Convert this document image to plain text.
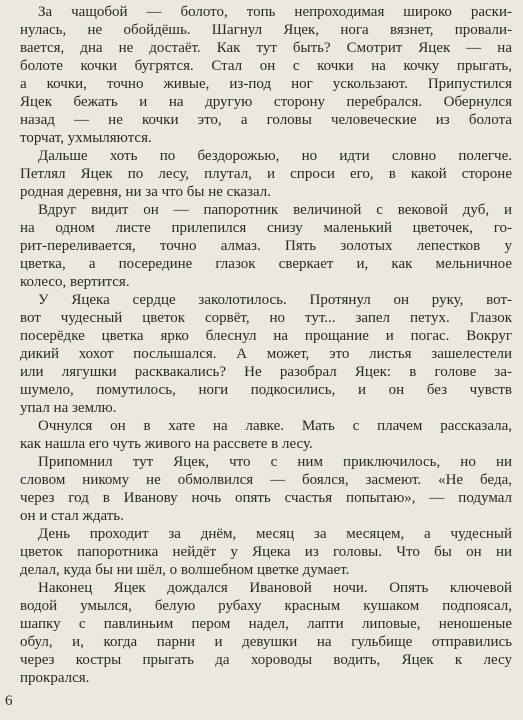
За чащобой — болото, топь непроходимая широко раски-
нулась, не обойдёшь. Шагнул Яцек, нога вязнет, провали-
вается, дна не достаёт. Как тут быть? Смотрит Яцек — на
болоте кочки бугрятся. Стал он с кочки на кочку прыгать,
а кочки, точно живые, из-под ног ускользают. Припустился
Яцек бежать и на другую сторону перебрался. Обернулся
назад — не кочки это, а головы человеческие из болота
торчат, ухмыляются.

Дальше хоть по бездорожью, но идти словно полегче.
Петлял Яцек по лесу, плутал, и спроси его, в какой стороне
родная деревня, ни за что бы не сказал.

Вдруг видит он — папоротник величиной с вековой дуб, и
на одном листе прилепился снизу маленький цветочек, го-
рит-переливается, точно алмаз. Пять золотых лепестков у
цветка, а посередине глазок сверкает и, как мельничное
колесо, вертится.

У Яцека сердце заколотилось. Протянул он руку, вот-
вот чудесный цветок сорвёт, но тут... запел петух. Глазок
посерёдке цветка ярко блеснул на прощание и погас. Вокруг
дикий хохот послышался. А может, это листья зашелестели
или лягушки расквакались? Не разобрал Яцек: в голове за-
шумело, помутилось, ноги подкосились, и он без чувств
упал на землю.

Очнулся он в хате на лавке. Мать с плачем рассказала,
как нашла его чуть живого на рассвете в лесу.

Припомнил тут Яцек, что с ним приключилось, но ни
словом никому не обмолвился — боялся, засмеют. «Не беда,
через год в Иванову ночь опять счастья попытаю», — подумал
он и стал ждать.

День проходит за днём, месяц за месяцем, а чудесный
цветок папоротника нейдёт у Яцека из головы. Что бы он ни
делал, куда бы ни шёл, о волшебном цветке думает.

Наконец Яцек дождался Ивановой ночи. Опять ключевой
водой умылся, белую рубаху красным кушаком подпоясал,
шапку с павлиньим пером надел, лапти липовые, неношеные
обул, и, когда парни и девушки на гульбище отправились
через костры прыгать да хороводы водить, Яцек к лесу
прокрался.

6
